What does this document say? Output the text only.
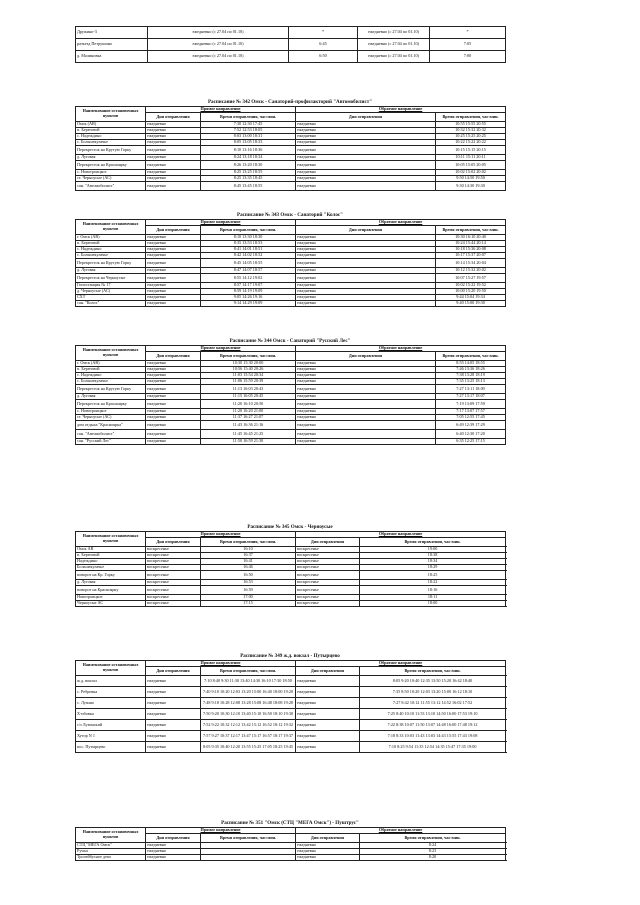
Дружино-3	ежедневно (с 27.04 по 01.10)	*	ежедневно (с 27.04 по 01.10)	*
разъезд Петрушино	ежедневно (с 27.04 по 01.10)	6:45	ежедневно (с 27.04 по 01.10)	7:05
д. Малиновка	ежедневно (с 27.04 по 01.10)	6:50	ежедневно (с 27.04 по 01.10)	7:00
Расписание № 342 Омск - Санаторий-профилакторий "Автомобилист"
Наименование остановочных пунктов	Прямое направление		Обратное направление	
	Дни отправления	Время отправления, час:мин.	Дни отправления	Время отправления, час:мин.
Омск (АВ)	ежедневно	7:30 12:30 17:45	ежедневно	10:55 15:55 20:55
п. Береговой	ежедневно	7:52 12:53 18:05	ежедневно	10:32 15:32 20:32
с. Надеждино	ежедневно	8:03 13:00 18:31	ежедневно	10:25 15:25 20:25
с. Большекулачье	ежедневно	8:05 13:05 18:33	ежедневно	10:22 15:22 20:22
Перекресток на Крутую Горку	ежедневно	8:10 13:16 18:36	ежедневно	10:15 15:15 20:15
д. Луговая	ежедневно	8:24 13:18 18:34	ежедневно	10:11 15:11 20:11
Перекресток на Красноярку	ежедневно	8:26 13:20 18:30	ежедневно	10:05 15:05 20:05
с. Новотроицкое	ежедневно	8:25 13:25 18:55	ежедневно	10:02 15:02 20:02
ст. Черноусые (АС)	ежедневно	8:25 13:35 18:45	ежедневно	9:50 14:50 19:50
сан. "Автомобилист"	ежедневно	8:45 13:45 18:55	ежедневно	9:30 14:30 19:30
Расписание № 343 Омск - Санаторий "Колос"
Наименование остановочных пунктов	Прямое направление		Обратное направление	
	Дни отправления	Время отправления, час:мин.	Дни отправления	Время отправления, час:мин.
г. Омск (АВ)	ежедневно	8:10 13:30 18:30	ежедневно	10:30 16:10 20:40
п. Береговой	ежедневно	8:35 13:53 18:53	ежедневно	10:24 15:44 20:14
с. Надеждино	ежедневно	8:41 14:01 18:51	ежедневно	10:18 15:36 20:08
с. Большекулачье	ежедневно	8:42 14:02 18:52	ежедневно	10:17 15:37 20:07
Перекресток на Крутую Горку	ежедневно	8:45 14:05 18:55	ежедневно	10:14 15:34 20:04
д. Луговая	ежедневно	8:47 14:07 18:57	ежедневно	10:12 15:32 20:02
Перекресток на Черноусые	ежедневно	8:55 14:12 19:02	ежедневно	10:07 15:27 19:57
Гипостанция № 17	ежедневно	8:57 14:17 19:07	ежедневно	10:02 15:22 19:52
д. Черноусые (АС)	ежедневно	8:59 14:19 19:09	ежедневно	10:00 15:20 19:50
СХТ	ежедневно	9:05 14:26 19:16	ежедневно	9:44 15:04 19:34
сан. "Колос"	ежедневно	9:14 14:29 19:09	ежедневно	9:40 15:00 19:30
Расписание № 344 Омск - Санаторий "Русский Лес"
Наименование остановочных пунктов	Прямое направление		Обратное направление	
	Дни отправления	Время отправления, час:мин.	Дни отправления	Время отправления, час:мин.
г. Омск (АВ)	ежедневно	10:30 15:30 20:00	ежедневно	8:55 14:05 18:55
п. Береговой	ежедневно	10:56 15:40 20:26	ежедневно	7:46 13:36 18:26
с. Надеждино	ежедневно	11:03 15:54 20:34	ежедневно	7:38 13:28 18:19
с. Большекулачье	ежедневно	11:06 15:59 20:39	ежедневно	7:35 13:25 18:13
Перекресток на Крутую Горку	ежедневно	11:13 16:03 20:43	ежедневно	7:27 13:11 18:09
д. Луговая	ежедневно	11:15 16:05 20:45	ежедневно	7:27 13:17 18:07
Перекресток на Красноярку	ежедневно	11:20 16:10 20:50	ежедневно	7:19 13:09 17:59
с. Новотроицкое	ежедневно	11:20 16:20 21:00	ежедневно	7:17 13:07 17:57
ст. Черноусые (АС)	ежедневно	11:37 16:27 21:07	ежедневно	7:05 12:55 17:45
дом отдыха "Красноярка"	ежедневно	11:43 16:36 21:16	ежедневно	6:49 12:39 17:29
сан. "Автомобилист"	ежедневно	11:45 16:45 21:25	ежедневно	6:40 12:30 17:20
сан. "Русский Лес"	ежедневно	11:50 16:59 21:30	ежедневно	6:35 12:25 17:15
Расписание № 345 Омск - Черноусые
Наименование остановочных пунктов	Прямое направление		Обратное направление	
	Дни отправления	Время отправления, час:мин.	Дни отправления	Время отправления, час:мин.
Омск АВ	воскресенье	16:10	воскресенье	19:00
п. Береговой	воскресенье	16:37	воскресенье	18:38
Надеждино	воскресенье	16:41	воскресенье	18:34
Большекулачье	воскресенье	16:46	воскресенье	18:29
поворот на Кр. Горку	воскресенье	16:50	воскресенье	18:25
д. Луговая	воскресенье	16:53	воскресенье	18:22
поворот на Красноярку	воскресенье	16:59	воскресенье	18:16
Новотроицкое	воскресенье	17:00	воскресенье	18:11
Черноусые АС	воскресенье	17:15	воскресенье	18:00
Расписание № 349 ж.д. вокзал - Путырцево
Наименование остановочных пунктов	Прямое направление		Обратное направление	
	Дни отправления	Время отправления, час:мин.	Дни отправления	Время отправления, час:мин.
ж.д. вокзал	ежедневно	7:10 8:40 9:30 11:30 13:40 14:30 16:10 17:30 18:50	ежедневно	8:05 9:20 10:40 12:35 13:50 15:20 16:42 18:40
с. Ребровка	ежедневно	7:40 9:10 10:20 12:03 13:20 15:00 16:40 18:00 19:20	ежедневно	7:35 8:50 10:20 12:03 13:20 15:00 16:12 18:10
с. Лузино	ежедневно	7:48 9:18 10:28 12:08 13:28 15:08 16:48 18:08 19:28	ежедневно	7:27 8:42 10:12 11:55 13:12 14:52 16:02 17:52
Х-ибовка	ежедневно	7:50 9:20 10:30 12:10 13:40 15:10 16:50 18:10 19:30	ежедневно	7:25 8:40 10:10 11:53 13:10 14:50 16:00 17:53 19:10
с/з Лузинский	ежедневно	7:52 9:22 10:32 12:12 13:42 15:12 16:52 18:12 19:32	ежедневно	7:22 8:38 10:07 11:50 13:07 14:48 16:00 17:48 19:12
Хутор N 1	ежедневно	7:57 9:27 10:37 12:17 13:47 15:17 16:57 18:17 19:37	ежедневно	7:18 8:33 10:03 11:43 13:03 14:43 15:55 17:43 19:08
пос. Путырцево	ежедневно	8:05 9:35 10:40 12:20 13:55 15:25 17:05 18:25 19:45	ежедневно	7:10 8:25 9:54 11:35 12:54 14:35 15:47 17:35 19:00
Расписание № 351 "Омск (СТЦ "МЕГА Омск") - Пуштрус"
Наименование остановочных пунктов	Прямое направление		Обратное направление	
	Дни отправления	Время отправления, час:мин.	Дни отправления	Время отправления, час:мин.
СТЦ "МЕГА Омск"	ежедневно		ежедневно	8:24
Ручьи	ежедневно		ежедневно	8:23
Тролейбусное депо	ежедневно		ежедневно	8:20
